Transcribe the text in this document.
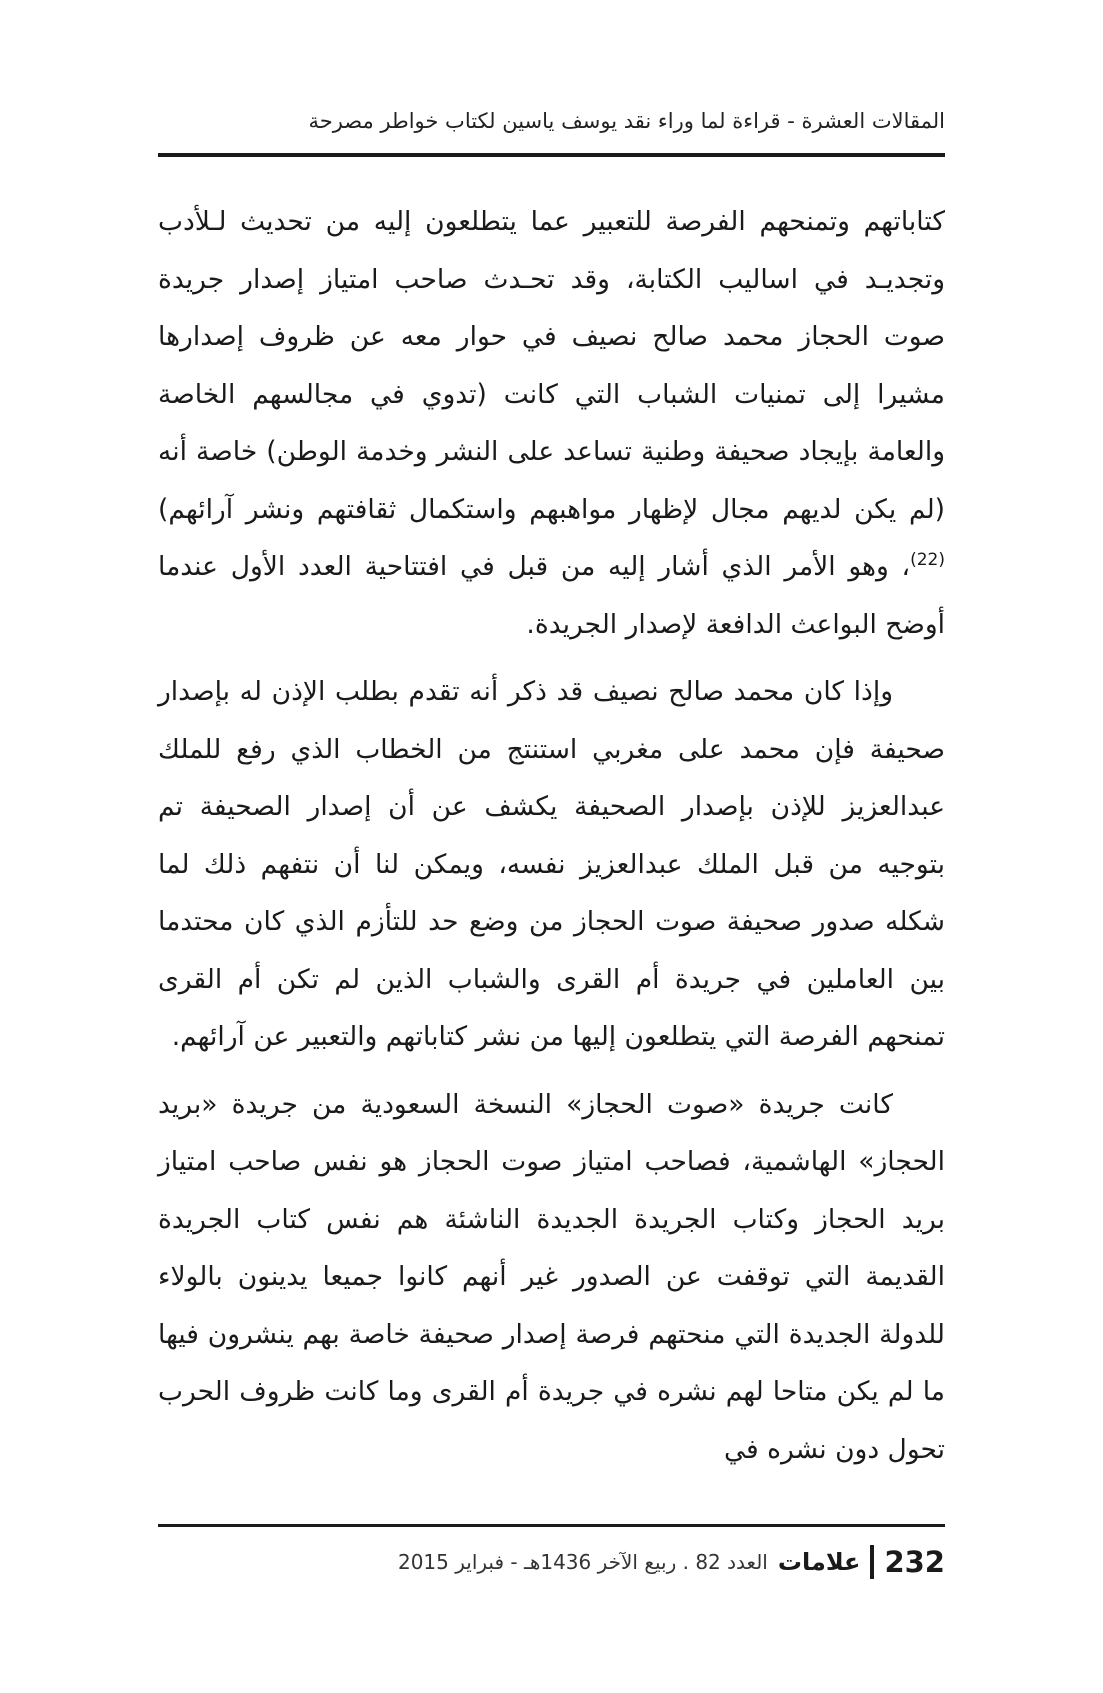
المقالات العشرة - قراءة لما وراء نقد يوسف ياسين لكتاب خواطر مصرحة

كتاباتهم وتمنحهم الفرصة للتعبير عما يتطلعون إليه من تحديث لـلأدب وتجديـد في اساليب الكتابة، وقد تحـدث صاحب امتياز إصدار جريدة صوت الحجاز محمد صالح نصيف في حوار معه عن ظروف إصدارها مشيرا إلى تمنيات الشباب التي كانت (تدوي في مجالسهم الخاصة والعامة بإيجاد صحيفة وطنية تساعد على النشر وخدمة الوطن) خاصة أنه (لم يكن لديهم مجال لإظهار مواهبهم واستكمال ثقافتهم ونشر آرائهم)$^{(22)}$، وهو الأمر الذي أشار إليه من قبل في افتتاحية العدد الأول عندما أوضح البواعث الدافعة لإصدار الجريدة.

وإذا كان محمد صالح نصيف قد ذكر أنه تقدم بطلب الإذن له بإصدار صحيفة فإن محمد على مغربي استنتج من الخطاب الذي رفع للملك عبدالعزيز للإذن بإصدار الصحيفة يكشف عن أن إصدار الصحيفة تم بتوجيه من قبل الملك عبدالعزيز نفسه، ويمكن لنا أن نتفهم ذلك لما شكله صدور صحيفة صوت الحجاز من وضع حد للتأزم الذي كان محتدما بين العاملين في جريدة أم القرى والشباب الذين لم تكن أم القرى تمنحهم الفرصة التي يتطلعون إليها من نشر كتاباتهم والتعبير عن آرائهم.

كانت جريدة «صوت الحجاز» النسخة السعودية من جريدة «بريد الحجاز» الهاشمية، فصاحب امتياز صوت الحجاز هو نفس صاحب امتياز بريد الحجاز وكتاب الجريدة الجديدة الناشئة هم نفس كتاب الجريدة القديمة التي توقفت عن الصدور غير أنهم كانوا جميعا يدينون بالولاء للدولة الجديدة التي منحتهم فرصة إصدار صحيفة خاصة بهم ينشرون فيها ما لم يكن متاحا لهم نشره في جريدة أم القرى وما كانت ظروف الحرب تحول دون نشره في

232
علامات
العدد 82 . ربيع الآخر 1436هـ - فبراير 2015
